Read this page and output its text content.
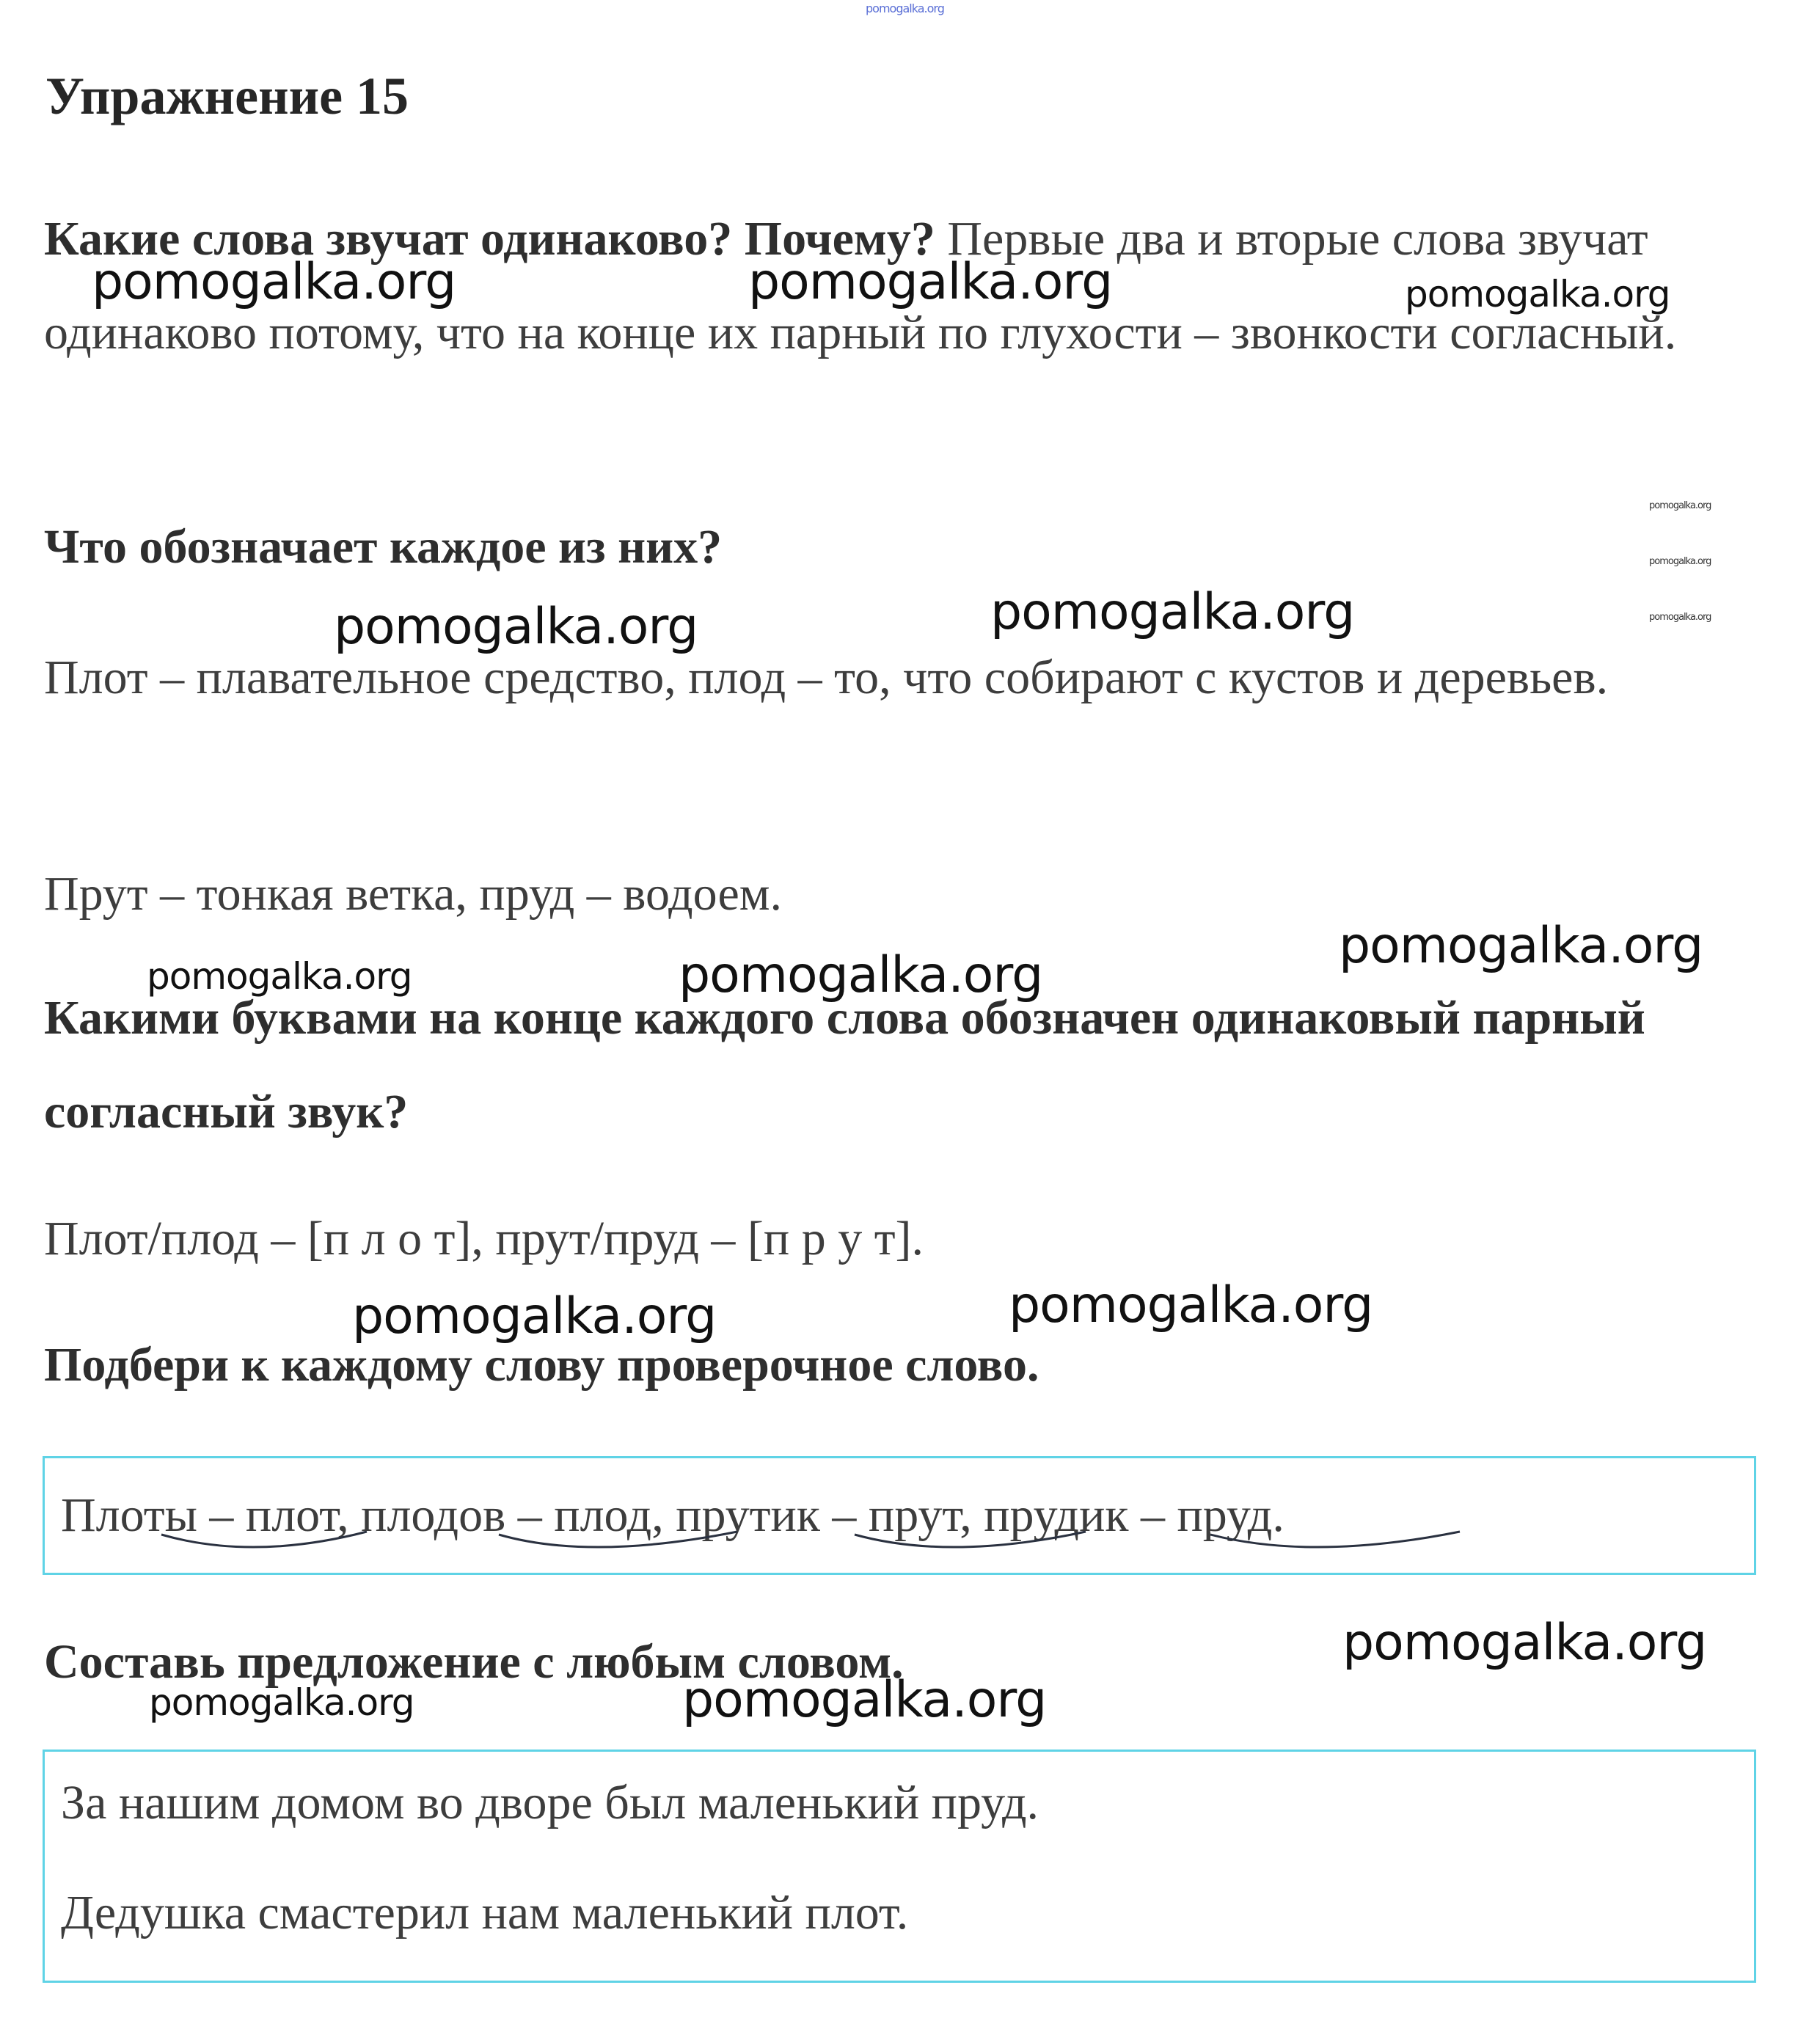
pomogalka.org
Упражнение 15

Какие слова звучат одинаково? Почему? Первые два и вторые слова звучат одинаково потому, что на конце их парный по глухости – звонкости согласный.

Что обозначает каждое из них?

Плот – плавательное средство, плод – то, что собирают с кустов и деревьев.

Прут – тонкая ветка, пруд – водоем.

Какими буквами на конце каждого слова обозначен одинаковый парный согласный звук?

Плот/плод – [п л о т], прут/пруд – [п р у т].

Подбери к каждому слову проверочное слово.

Плоты – плот, плодов – плод, прутик – прут, прудик – пруд.

Составь предложение с любым словом.

За нашим домом во дворе был маленький пруд.
Дедушка смастерил нам маленький плот.
pomogalka.org	pomogalka.org	pomogalka.org
pomogalka.org
pomogalka.org
pomogalka.org
pomogalka.org	pomogalka.org
pomogalka.org	pomogalka.org
pomogalka.org
pomogalka.org	pomogalka.org
pomogalka.org
pomogalka.org	pomogalka.org
